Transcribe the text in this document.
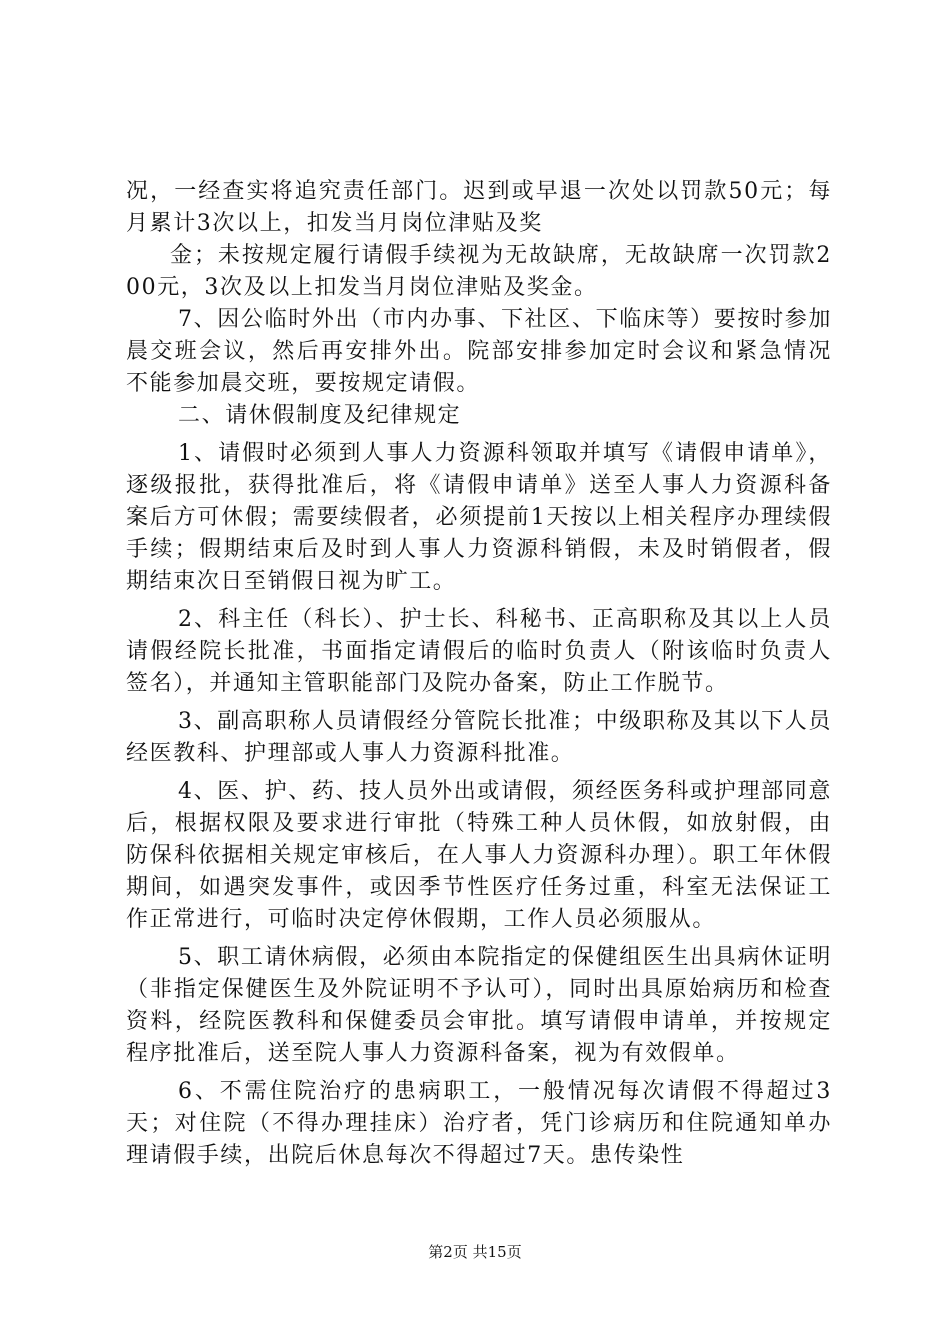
况，一经查实将追究责任部门。迟到或早退一次处以罚款50元；每月累计3次以上，扣发当月岗位津贴及奖

金；未按规定履行请假手续视为无故缺席，无故缺席一次罚款200元，3次及以上扣发当月岗位津贴及奖金。

7、因公临时外出（市内办事、下社区、下临床等）要按时参加晨交班会议，然后再安排外出。院部安排参加定时会议和紧急情况不能参加晨交班，要按规定请假。

二、请休假制度及纪律规定

1、请假时必须到人事人力资源科领取并填写《请假申请单》，逐级报批，获得批准后，将《请假申请单》送至人事人力资源科备案后方可休假；需要续假者，必须提前1天按以上相关程序办理续假手续；假期结束后及时到人事人力资源科销假，未及时销假者，假期结束次日至销假日视为旷工。

2、科主任（科长）、护士长、科秘书、正高职称及其以上人员请假经院长批准，书面指定请假后的临时负责人（附该临时负责人签名），并通知主管职能部门及院办备案，防止工作脱节。

3、副高职称人员请假经分管院长批准；中级职称及其以下人员经医教科、护理部或人事人力资源科批准。

4、医、护、药、技人员外出或请假，须经医务科或护理部同意后，根据权限及要求进行审批（特殊工种人员休假，如放射假，由防保科依据相关规定审核后，在人事人力资源科办理）。职工年休假期间，如遇突发事件，或因季节性医疗任务过重，科室无法保证工作正常进行，可临时决定停休假期，工作人员必须服从。

5、职工请休病假，必须由本院指定的保健组医生出具病休证明（非指定保健医生及外院证明不予认可），同时出具原始病历和检查资料，经院医教科和保健委员会审批。填写请假申请单，并按规定程序批准后，送至院人事人力资源科备案，视为有效假单。

6、不需住院治疗的患病职工，一般情况每次请假不得超过3天；对住院（不得办理挂床）治疗者，凭门诊病历和住院通知单办理请假手续，出院后休息每次不得超过7天。患传染性

第2页 共15页
